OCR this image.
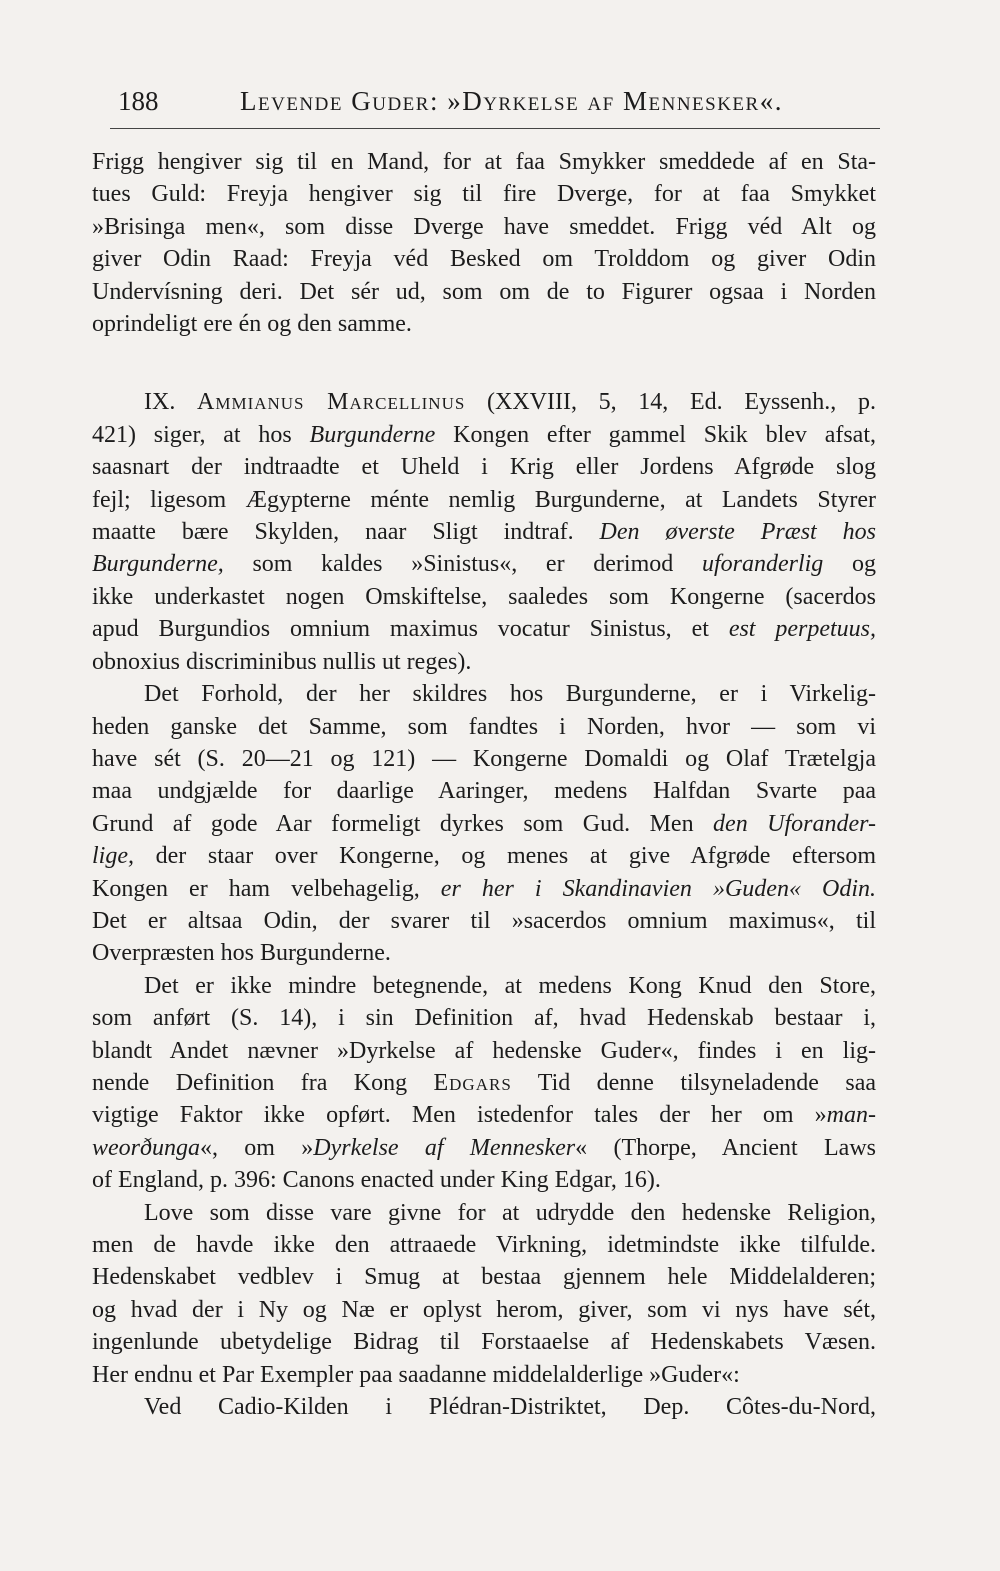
188	Levende Guder: »Dyrkelse af Mennesker«.
Frigg hengiver sig til en Mand, for at faa Smykker smeddede af en Sta-
tues Guld: Freyja hengiver sig til fire Dverge, for at faa Smykket
»Brisinga men«, som disse Dverge have smeddet. Frigg véd Alt og
giver Odin Raad: Freyja véd Besked om Trolddom og giver Odin
Undervísning deri. Det sér ud, som om de to Figurer ogsaa i Norden
oprindeligt ere én og den samme.
IX. Ammianus Marcellinus (XXVIII, 5, 14, Ed. Eyssenh., p.
421) siger, at hos Burgunderne Kongen efter gammel Skik blev afsat,
saasnart der indtraadte et Uheld i Krig eller Jordens Afgrøde slog
fejl; ligesom Ægypterne ménte nemlig Burgunderne, at Landets Styrer
maatte bære Skylden, naar Sligt indtraf. Den øverste Præst hos
Burgunderne, som kaldes »Sinistus«, er derimod uforanderlig og
ikke underkastet nogen Omskiftelse, saaledes som Kongerne (sacerdos
apud Burgundios omnium maximus vocatur Sinistus, et est perpetuus,
obnoxius discriminibus nullis ut reges).
Det Forhold, der her skildres hos Burgunderne, er i Virkelig-
heden ganske det Samme, som fandtes i Norden, hvor — som vi
have sét (S. 20—21 og 121) — Kongerne Domaldi og Olaf Trætelgja
maa undgjælde for daarlige Aaringer, medens Halfdan Svarte paa
Grund af gode Aar formeligt dyrkes som Gud. Men den Uforander-
lige, der staar over Kongerne, og menes at give Afgrøde eftersom
Kongen er ham velbehagelig, er her i Skandinavien »Guden« Odin.
Det er altsaa Odin, der svarer til »sacerdos omnium maximus«, til
Overpræsten hos Burgunderne.
Det er ikke mindre betegnende, at medens Kong Knud den Store,
som anført (S. 14), i sin Definition af, hvad Hedenskab bestaar i,
blandt Andet nævner »Dyrkelse af hedenske Guder«, findes i en lig-
nende Definition fra Kong Edgars Tid denne tilsyneladende saa
vigtige Faktor ikke opført. Men istedenfor tales der her om »man-
weorðunga«, om »Dyrkelse af Mennesker« (Thorpe, Ancient Laws
of England, p. 396: Canons enacted under King Edgar, 16).
Love som disse vare givne for at udrydde den hedenske Religion,
men de havde ikke den attraaede Virkning, idetmindste ikke tilfulde.
Hedenskabet vedblev i Smug at bestaa gjennem hele Middelalderen;
og hvad der i Ny og Næ er oplyst herom, giver, som vi nys have sét,
ingenlunde ubetydelige Bidrag til Forstaaelse af Hedenskabets Væsen.
Her endnu et Par Exempler paa saadanne middelalderlige »Guder«:
Ved Cadio-Kilden i Plédran-Distriktet, Dep. Côtes-du-Nord,
